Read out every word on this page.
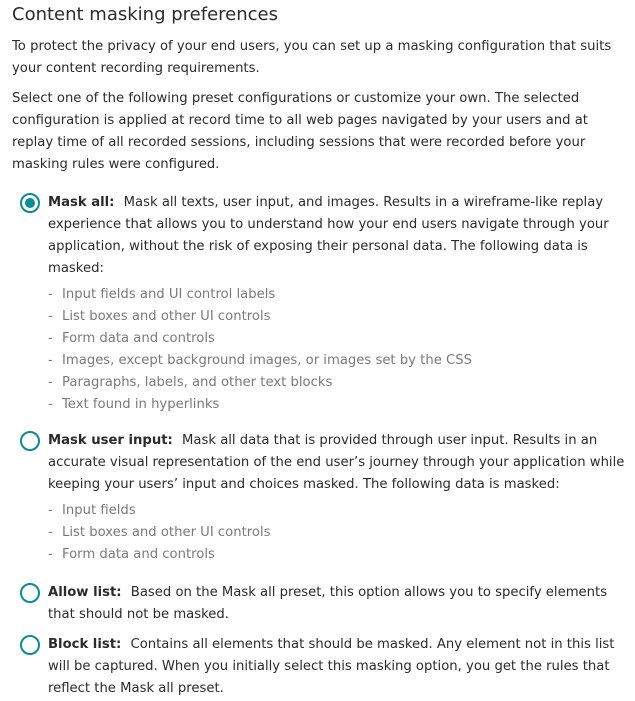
Content masking preferences

To protect the privacy of your end users, you can set up a masking configuration that suits your content recording requirements.

Select one of the following preset configurations or customize your own. The selected configuration is applied at record time to all web pages navigated by your users and at replay time of all recorded sessions, including sessions that were recorded before your masking rules were configured.

Mask all: Mask all texts, user input, and images. Results in a wireframe-like replay experience that allows you to understand how your end users navigate through your application, without the risk of exposing their personal data. The following data is masked:

- Input fields and UI control labels
- List boxes and other UI controls
- Form data and controls
- Images, except background images, or images set by the CSS
- Paragraphs, labels, and other text blocks
- Text found in hyperlinks

Mask user input: Mask all data that is provided through user input. Results in an accurate visual representation of the end user’s journey through your application while keeping your users’ input and choices masked. The following data is masked:

- Input fields
- List boxes and other UI controls
- Form data and controls

Allow list: Based on the Mask all preset, this option allows you to specify elements that should not be masked.

Block list: Contains all elements that should be masked. Any element not in this list will be captured. When you initially select this masking option, you get the rules that reflect the Mask all preset.
